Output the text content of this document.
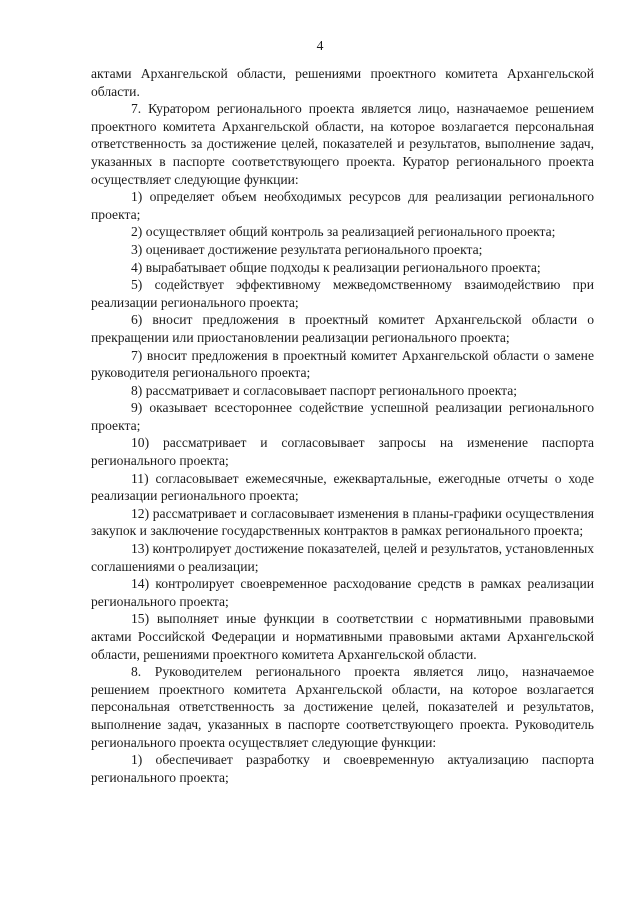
4

актами Архангельской области, решениями проектного комитета Архангельской области.

7. Куратором регионального проекта является лицо, назначаемое решением проектного комитета Архангельской области, на которое возлагается персональная ответственность за достижение целей, показателей и результатов, выполнение задач, указанных в паспорте соответствующего проекта. Куратор регионального проекта осуществляет следующие функции:

1) определяет объем необходимых ресурсов для реализации регионального проекта;

2) осуществляет общий контроль за реализацией регионального проекта;

3) оценивает достижение результата регионального проекта;

4) вырабатывает общие подходы к реализации регионального проекта;

5) содействует эффективному межведомственному взаимодействию при реализации регионального проекта;

6) вносит предложения в проектный комитет Архангельской области о прекращении или приостановлении реализации регионального проекта;

7) вносит предложения в проектный комитет Архангельской области о замене руководителя регионального проекта;

8) рассматривает и согласовывает паспорт регионального проекта;

9) оказывает всестороннее содействие успешной реализации регионального проекта;

10) рассматривает и согласовывает запросы на изменение паспорта регионального проекта;

11) согласовывает ежемесячные, ежеквартальные, ежегодные отчеты о ходе реализации регионального проекта;

12) рассматривает и согласовывает изменения в планы-графики осуществления закупок и заключение государственных контрактов в рамках регионального проекта;

13) контролирует достижение показателей, целей и результатов, установленных соглашениями о реализации;

14) контролирует своевременное расходование средств в рамках реализации регионального проекта;

15) выполняет иные функции в соответствии с нормативными правовыми актами Российской Федерации и нормативными правовыми актами Архангельской области, решениями проектного комитета Архангельской области.

8. Руководителем регионального проекта является лицо, назначаемое решением проектного комитета Архангельской области, на которое возлагается персональная ответственность за достижение целей, показателей и результатов, выполнение задач, указанных в паспорте соответствующего проекта. Руководитель регионального проекта осуществляет следующие функции:

1) обеспечивает разработку и своевременную актуализацию паспорта регионального проекта;
